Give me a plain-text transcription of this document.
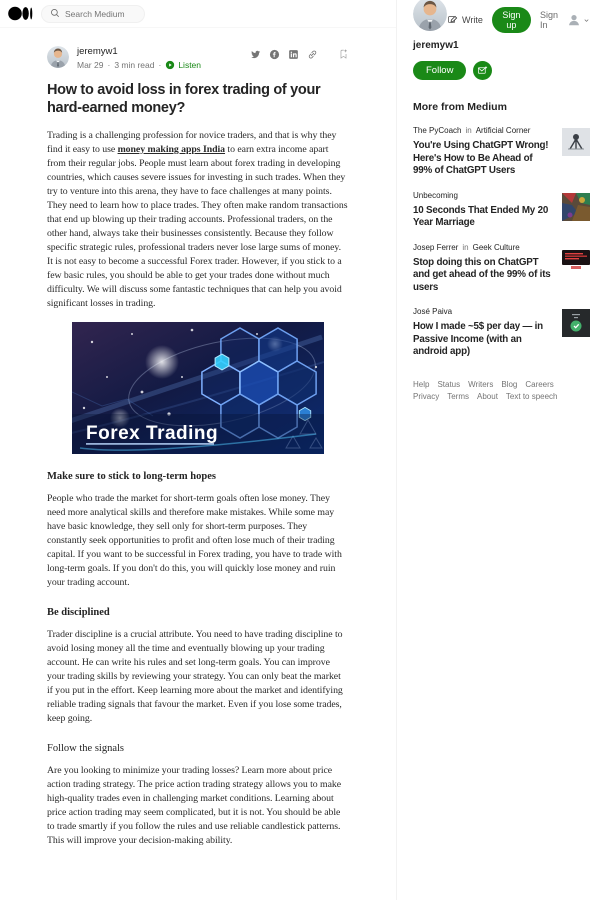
Search Medium
jeremyw1
Mar 29 · 3 min read · Listen
How to avoid loss in forex trading of your hard-earned money?

Trading is a challenging profession for novice traders, and that is why they find it easy to use money making apps India to earn extra income apart from their regular jobs. People must learn about forex trading in developing countries, which causes severe issues for investing in such trades. When they try to venture into this arena, they have to face challenges at many points. They need to learn how to place trades. They often make random transactions that end up blowing up their trading accounts. Professional traders, on the other hand, always take their businesses consistently. Because they follow specific strategic rules, professional traders never lose large sums of money. It is not easy to become a successful Forex trader. However, if you stick to a few basic rules, you should be able to get your trades done without much difficulty. We will discuss some fantastic techniques that can help you avoid significant losses in trading.

Forex Trading
Make sure to stick to long-term hopes

People who trade the market for short-term goals often lose money. They need more analytical skills and therefore make mistakes. While some may have basic knowledge, they sell only for short-term purposes. They constantly seek opportunities to profit and often lose much of their trading capital. If you want to be successful in Forex trading, you have to trade with long-term goals. If you don't do this, you will quickly lose money and ruin your trading account.

Be disciplined

Trader discipline is a crucial attribute. You need to have trading discipline to avoid losing money all the time and eventually blowing up your trading account. He can write his rules and set long-term goals. You can improve your trading skills by reviewing your strategy. You can only beat the market if you put in the effort. Keep learning more about the market and identifying reliable trading signals that favour the market. Even if you lose some trades, keep going.

Follow the signals

Are you looking to minimize your trading losses? Learn more about price action trading strategy. The price action trading strategy allows you to make high-quality trades even in challenging market conditions. Learning about price action trading may seem complicated, but it is not. You should be able to trade smartly if you follow the rules and use reliable candlestick patterns. This will improve your decision-making ability.

Write	Sign up
Sign In
jeremyw1
Follow
More from Medium
The PyCoach in Artificial Corner
You're Using ChatGPT Wrong! Here's How to Be Ahead of 99% of ChatGPT Users
Unbecoming
10 Seconds That Ended My 20 Year Marriage
Josep Ferrer in Geek Culture
Stop doing this on ChatGPT and get ahead of the 99% of its users
José Paiva
How I made ~5$ per day — in Passive Income (with an android app)
Help Status Writers Blog Careers
Privacy Terms About Text to speech
